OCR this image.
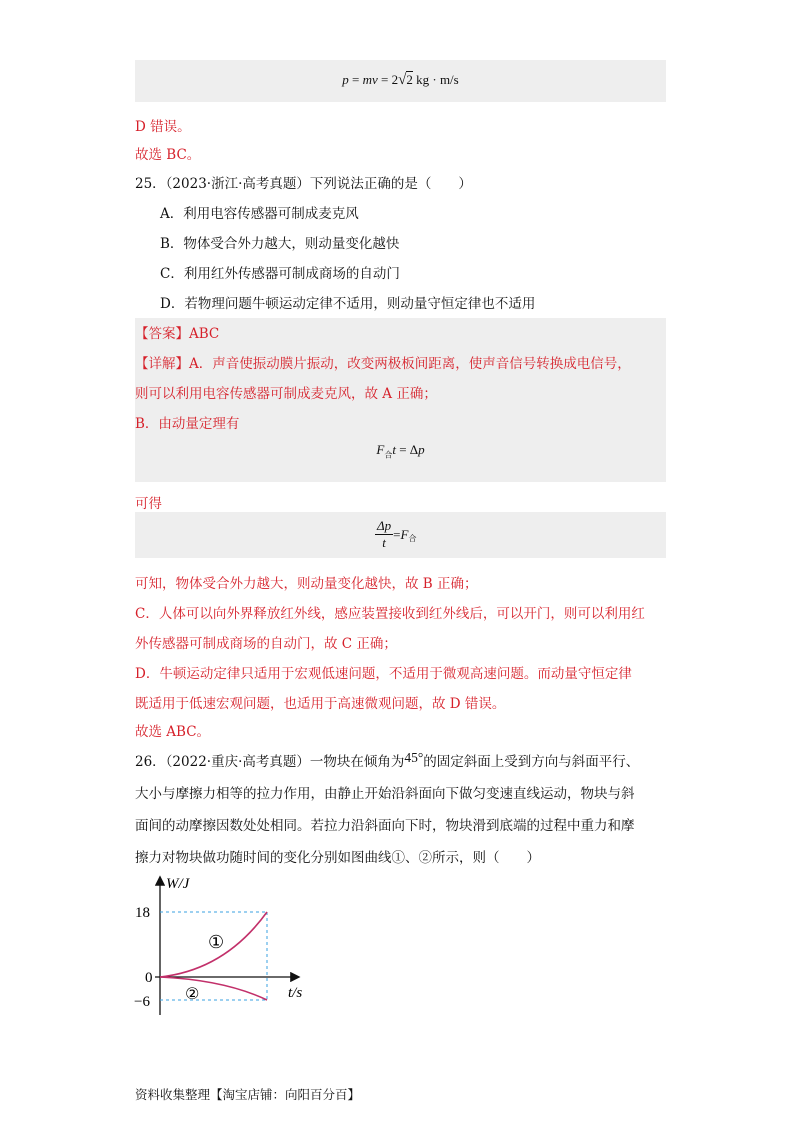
p = mv = 2√2 kg · m/s
D 错误。
故选 BC。
25．（2023·浙江·高考真题）下列说法正确的是（　　）
A．利用电容传感器可制成麦克风
B．物体受合外力越大，则动量变化越快
C．利用红外传感器可制成商场的自动门
D．若物理问题牛顿运动定律不适用，则动量守恒定律也不适用
【答案】ABC
【详解】A．声音使振动膜片振动，改变两极板间距离，使声音信号转换成电信号，
则可以利用电容传感器可制成麦克风，故 A 正确；
B．由动量定理有
$F_合t = \Delta p$
可得
$\frac{\Delta p}{t} = F_合$
可知，物体受合外力越大，则动量变化越快，故 B 正确；
C．人体可以向外界释放红外线，感应装置接收到红外线后，可以开门，则可以利用红
外传感器可制成商场的自动门，故 C 正确；
D．牛顿运动定律只适用于宏观低速问题，不适用于微观高速问题。而动量守恒定律
既适用于低速宏观问题，也适用于高速微观问题，故 D 错误。
故选 ABC。
26．（2022·重庆·高考真题）一物块在倾角为45°的固定斜面上受到方向与斜面平行、
大小与摩擦力相等的拉力作用，由静止开始沿斜面向下做匀变速直线运动，物块与斜
面间的动摩擦因数处处相同。若拉力沿斜面向下时，物块滑到底端的过程中重力和摩
擦力对物块做功随时间的变化分别如图曲线①、②所示，则（　　）
W/J
t/s
18
0
−6
①
②
资料收集整理【淘宝店铺：向阳百分百】
